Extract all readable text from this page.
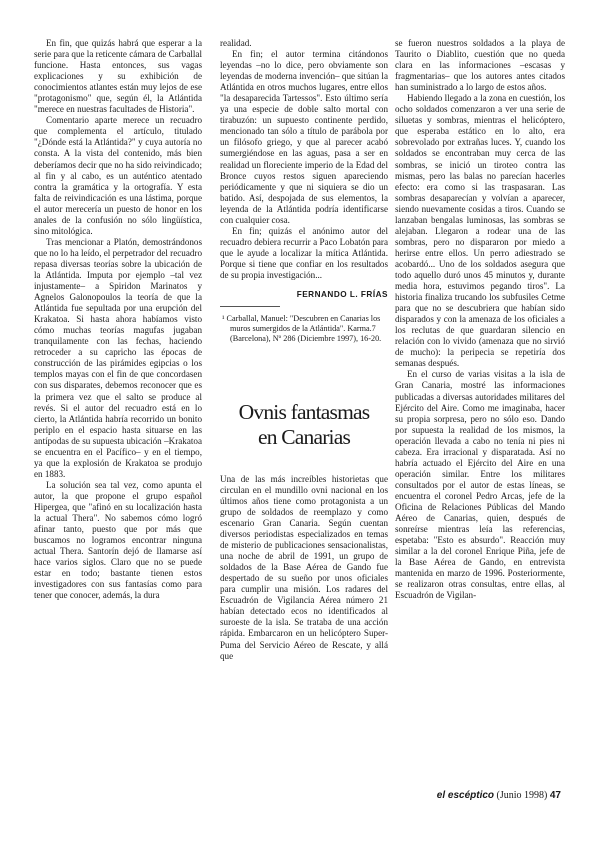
En fin, que quizás habrá que esperar a la serie para que la reticente cámara de Carballal funcione. Hasta entonces, sus vagas explicaciones y su exhibición de conocimientos atlantes están muy lejos de ese "protagonismo" que, según él, la Atlántida "merece en nuestras facultades de Historia".

Comentario aparte merece un recuadro que complementa el artículo, titulado "¿Dónde está la Atlántida?" y cuya autoría no consta. A la vista del contenido, más bien deberíamos decir que no ha sido reivindicado; al fin y al cabo, es un auténtico atentado contra la gramática y la ortografía. Y esta falta de reivindicación es una lástima, porque el autor merecería un puesto de honor en los anales de la confusión no sólo lingüística, sino mitológica.

Tras mencionar a Platón, demostrándonos que no lo ha leído, el perpetrador del recuadro repasa diversas teorías sobre la ubicación de la Atlántida. Imputa por ejemplo –tal vez injustamente– a Spiridon Marinatos y Agnelos Galonopoulos la teoría de que la Atlántida fue sepultada por una erupción del Krakatoa. Si hasta ahora habíamos visto cómo muchas teorías magufas jugaban tranquilamente con las fechas, haciendo retroceder a su capricho las épocas de construcción de las pirámides egipcias o los templos mayas con el fin de que concordasen con sus disparates, debemos reconocer que es la primera vez que el salto se produce al revés. Si el autor del recuadro está en lo cierto, la Atlántida habría recorrido un bonito periplo en el espacio hasta situarse en las antípodas de su supuesta ubicación –Krakatoa se encuentra en el Pacífico– y en el tiempo, ya que la explosión de Krakatoa se produjo en 1883.

La solución sea tal vez, como apunta el autor, la que propone el grupo español Hipergea, que "afinó en su localización hasta la actual Thera". No sabemos cómo logró afinar tanto, puesto que por más que buscamos no logramos encontrar ninguna actual Thera. Santorín dejó de llamarse así hace varios siglos. Claro que no se puede estar en todo; bastante tienen estos investigadores con sus fantasías como para tener que conocer, además, la dura

realidad.

En fin; el autor termina citándonos leyendas –no lo dice, pero obviamente son leyendas de moderna invención– que sitúan la Atlántida en otros muchos lugares, entre ellos "la desaparecida Tartessos". Esto último sería ya una especie de doble salto mortal con tirabuzón: un supuesto continente perdido, mencionado tan sólo a título de parábola por un filósofo griego, y que al parecer acabó sumergiéndose en las aguas, pasa a ser en realidad un floreciente imperio de la Edad del Bronce cuyos restos siguen apareciendo periódicamente y que ni siquiera se dio un batido. Así, despojada de sus elementos, la leyenda de la Atlántida podría identificarse con cualquier cosa.

En fin; quizás el anónimo autor del recuadro debiera recurrir a Paco Lobatón para que le ayude a localizar la mítica Atlántida. Porque si tiene que confiar en los resultados de su propia investigación...

FERNANDO L. FRÍAS
¹ Carballal, Manuel: "Descubren en Canarias los muros sumergidos de la Atlántida". Karma.7 (Barcelona), Nº 286 (Diciembre 1997), 16-20.
Ovnis fantasmas
en Canarias

Una de las más increíbles historietas que circulan en el mundillo ovni nacional en los últimos años tiene como protagonista a un grupo de soldados de reemplazo y como escenario Gran Canaria. Según cuentan diversos periodistas especializados en temas de misterio de publicaciones sensacionalistas, una noche de abril de 1991, un grupo de soldados de la Base Aérea de Gando fue despertado de su sueño por unos oficiales para cumplir una misión. Los radares del Escuadrón de Vigilancia Aérea número 21 habían detectado ecos no identificados al suroeste de la isla. Se trataba de una acción rápida. Embarcaron en un helicóptero Super-Puma del Servicio Aéreo de Rescate, y allá que

se fueron nuestros soldados a la playa de Taurito o Diablito, cuestión que no queda clara en las informaciones –escasas y fragmentarias– que los autores antes citados han suministrado a lo largo de estos años.

Habiendo llegado a la zona en cuestión, los ocho soldados comenzaron a ver una serie de siluetas y sombras, mientras el helicóptero, que esperaba estático en lo alto, era sobrevolado por extrañas luces. Y, cuando los soldados se encontraban muy cerca de las sombras, se inició un tiroteo contra las mismas, pero las balas no parecían hacerles efecto: era como si las traspasaran. Las sombras desaparecían y volvían a aparecer, siendo nuevamente cosidas a tiros. Cuando se lanzaban bengalas luminosas, las sombras se alejaban. Llegaron a rodear una de las sombras, pero no dispararon por miedo a herirse entre ellos. Un perro adiestrado se acobardó... Uno de los soldados asegura que todo aquello duró unos 45 minutos y, durante media hora, estuvimos pegando tiros". La historia finaliza trucando los subfusiles Cetme para que no se descubriera que habían sido disparados y con la amenaza de los oficiales a los reclutas de que guardaran silencio en relación con lo vivido (amenaza que no sirvió de mucho): la peripecia se repetiría dos semanas después.

En el curso de varias visitas a la isla de Gran Canaria, mostré las informaciones publicadas a diversas autoridades militares del Ejército del Aire. Como me imaginaba, hacer su propia sorpresa, pero no sólo eso. Dando por supuesta la realidad de los mismos, la operación llevada a cabo no tenía ni pies ni cabeza. Era irracional y disparatada. Así no habría actuado el Ejército del Aire en una operación similar. Entre los militares consultados por el autor de estas líneas, se encuentra el coronel Pedro Arcas, jefe de la Oficina de Relaciones Públicas del Mando Aéreo de Canarias, quien, después de sonreírse mientras leía las referencias, espetaba: "Esto es absurdo". Reacción muy similar a la del coronel Enrique Piña, jefe de la Base Aérea de Gando, en entrevista mantenida en marzo de 1996. Posteriormente, se realizaron otras consultas, entre ellas, al Escuadrón de Vigilan-

el escéptico (Junio 1998) 47
